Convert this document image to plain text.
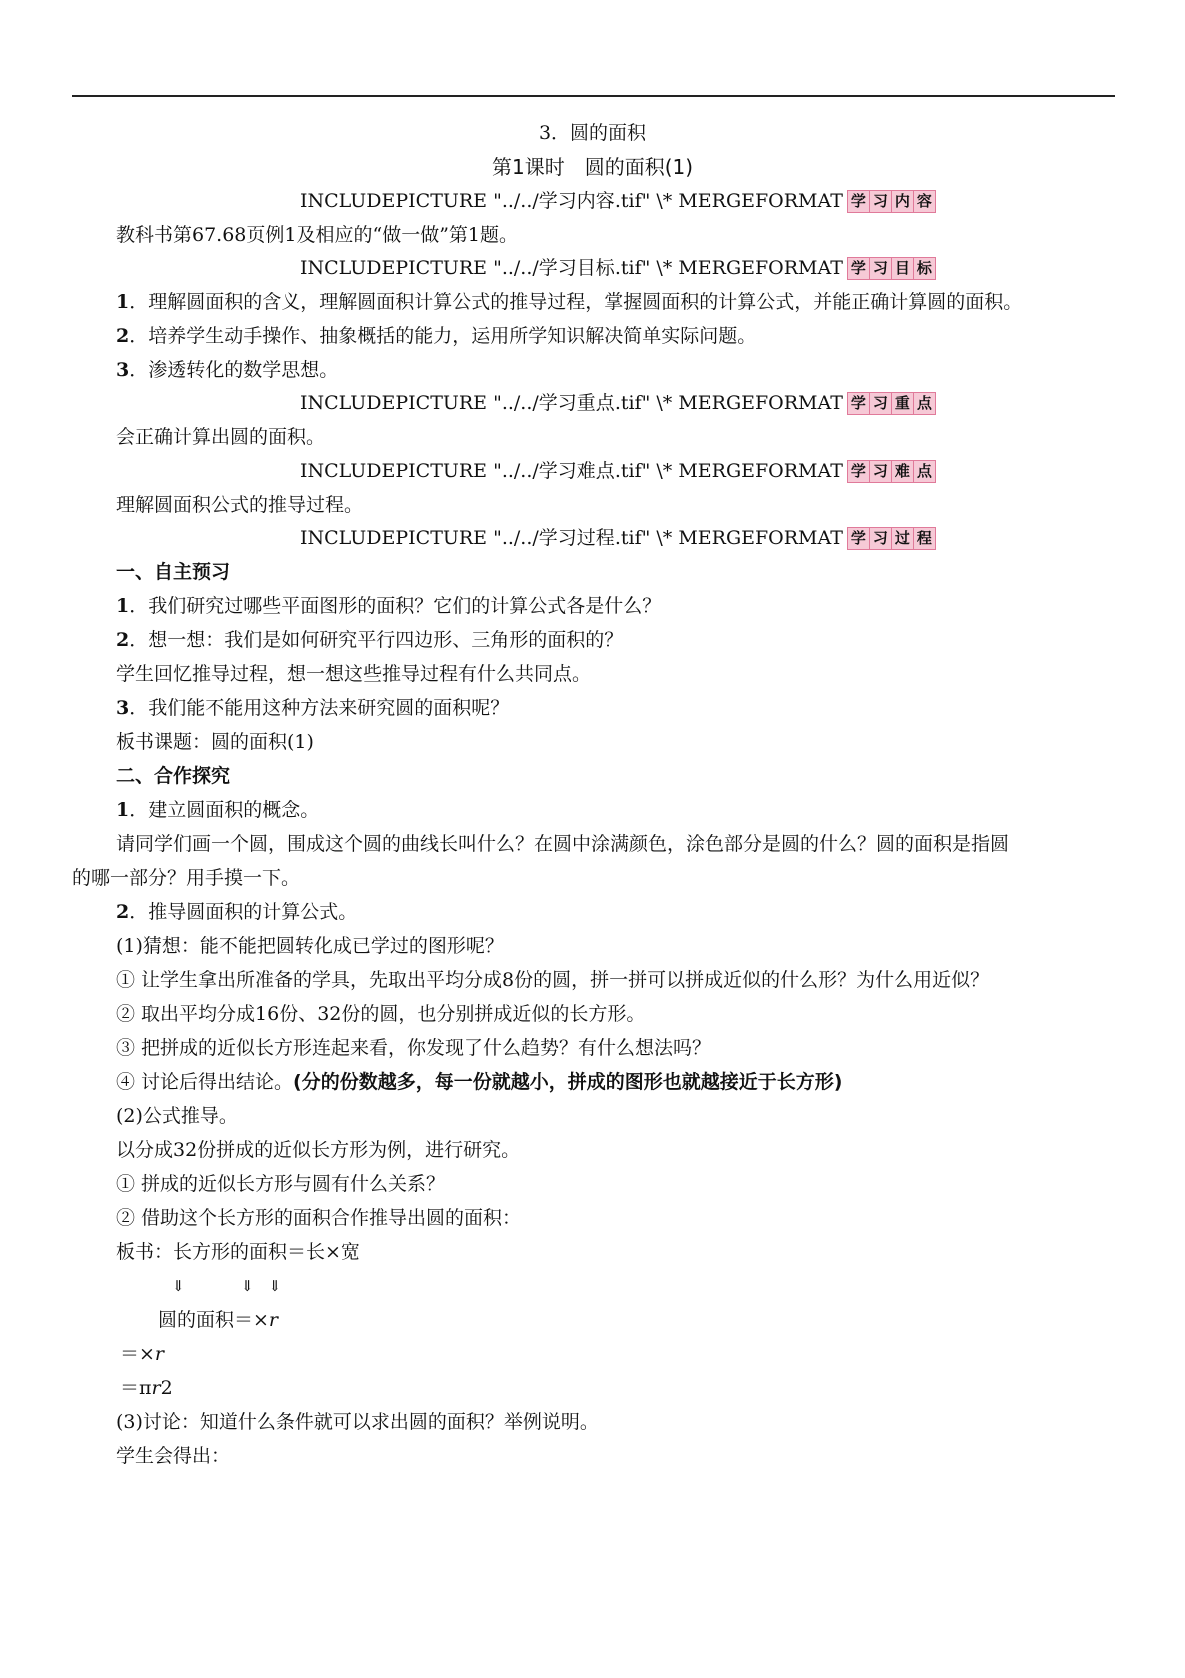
3．圆的面积
第1课时　圆的面积(1)
INCLUDEPICTURE "../../ 学习内容 .tif" \* MERGEFORMAT 学 习 内 容
教科书第67.68页例1及相应的“做一做”第1题。
INCLUDEPICTURE "../../ 学习目标 .tif" \* MERGEFORMAT 学 习 目 标
1．理解圆面积的含义，理解圆面积计算公式的推导过程，掌握圆面积的计算公式，并能正确计算圆的面积。
2．培养学生动手操作、抽象概括的能力，运用所学知识解决简单实际问题。
3．渗透转化的数学思想。
INCLUDEPICTURE "../../ 学习重点 .tif" \* MERGEFORMAT 学 习 重 点
会正确计算出圆的面积。
INCLUDEPICTURE "../../ 学习难点 .tif" \* MERGEFORMAT 学 习 难 点
理解圆面积公式的推导过程。
INCLUDEPICTURE "../../ 学习过程 .tif" \* MERGEFORMAT 学 习 过 程
一、自主预习
1．我们研究过哪些平面图形的面积？它们的计算公式各是什么？
2．想一想：我们是如何研究平行四边形、三角形的面积的？
学生回忆推导过程，想一想这些推导过程有什么共同点。
3．我们能不能用这种方法来研究圆的面积呢？
板书课题：圆的面积(1)
二、合作探究
1．建立圆面积的概念。
请同学们画一个圆，围成这个圆的曲线长叫什么？在圆中涂满颜色，涂色部分是圆的什么？圆的面积是指圆
的哪一部分？用手摸一下。
2．推导圆面积的计算公式。
(1)猜想：能不能把圆转化成已学过的图形呢？
① 让学生拿出所准备的学具，先取出平均分成8份的圆，拼一拼可以拼成近似的什么形？为什么用近似？
② 取出平均分成16份、32份的圆，也分别拼成近似的长方形。
③ 把拼成的近似长方形连起来看，你发现了什么趋势？有什么想法吗？
④ 讨论后得出结论。(分的份数越多，每一份就越小，拼成的图形也就越接近于长方形)
(2)公式推导。
以分成32份拼成的近似长方形为例，进行研究。
① 拼成的近似长方形与圆有什么关系？
② 借助这个长方形的面积合作推导出圆的面积：
板书：长方形的面积＝长×宽
⇓	⇓　⇓
圆的面积＝×r
＝×r
＝πr2
(3)讨论：知道什么条件就可以求出圆的面积？举例说明。
学生会得出：
